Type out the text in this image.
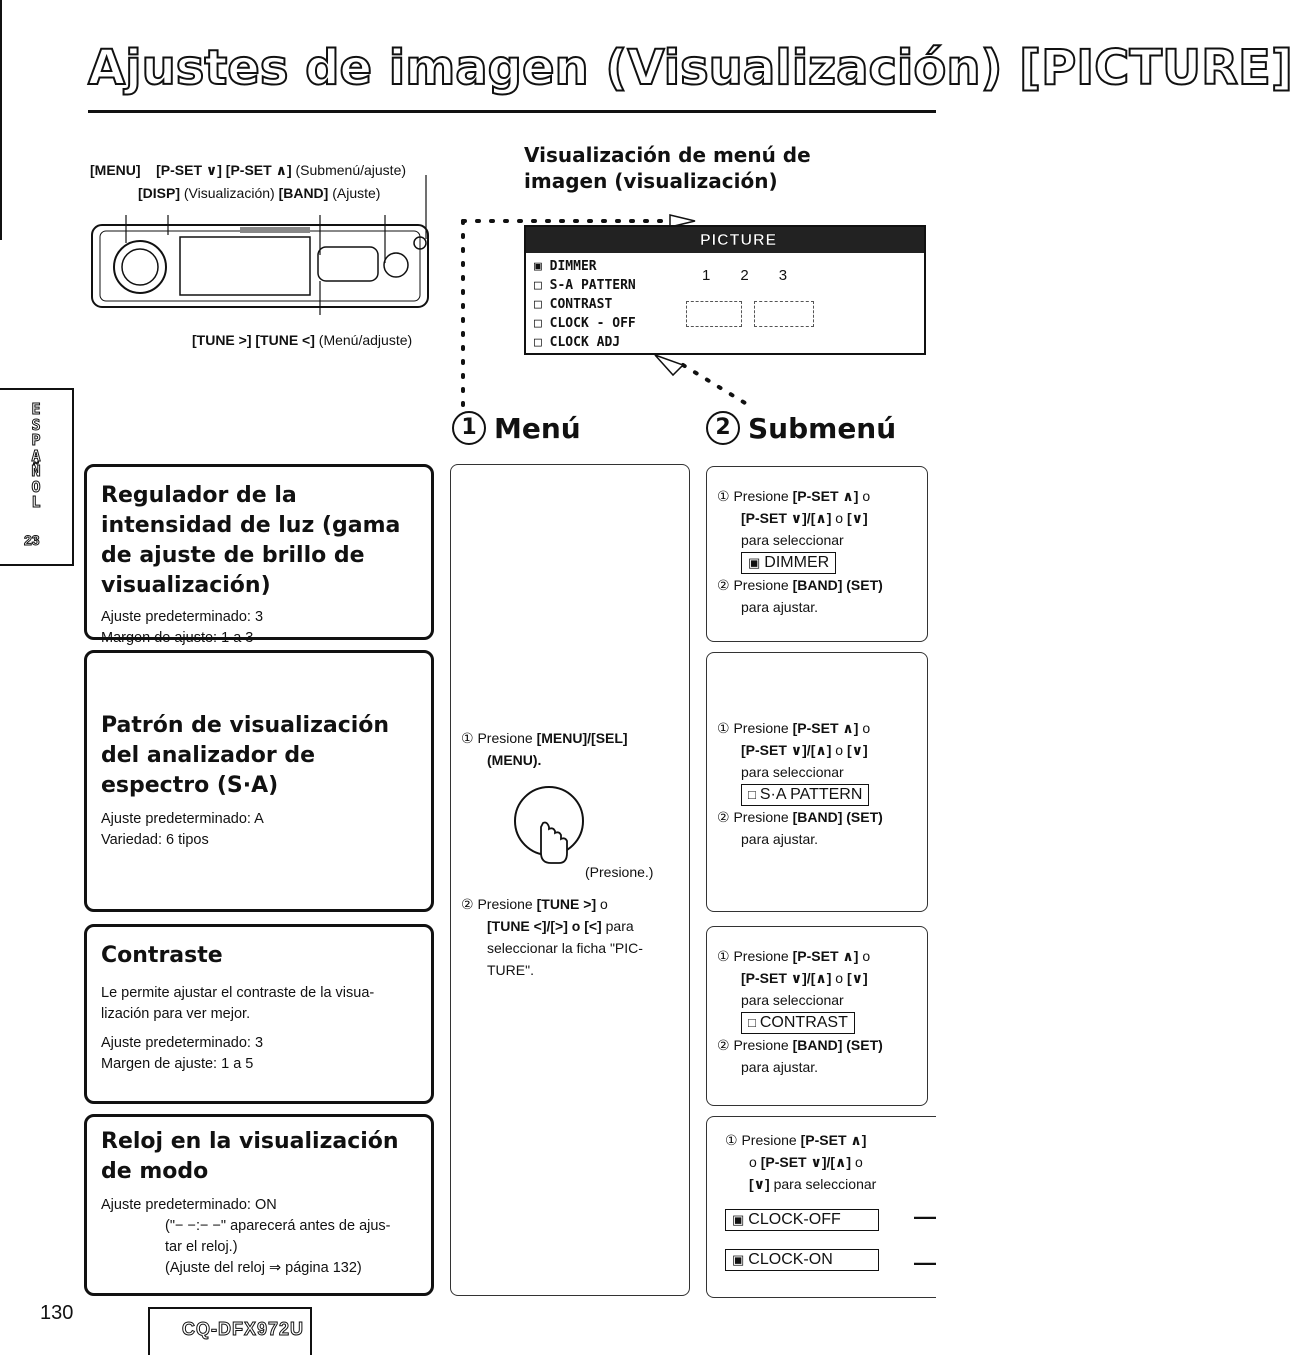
Ajustes de imagen (Visualización) [PICTURE]
ESPAÑOL
23
[MENU] [P-SET ∨] [P-SET ∧] (Submenú/ajuste)
[DISP] (Visualización) [BAND] (Ajuste)
[TUNE >] [TUNE <] (Menú/adjuste)
Visualización de menú de imagen (visualización)
PICTURE
▣ DIMMER
□ S-A PATTERN
□ CONTRAST
□ CLOCK - OFF
□ CLOCK ADJ
123
1 Menú	2 Submenú
Regulador de la intensidad de luz (gama de ajuste de brillo de visualización)

Ajuste predeterminado: 3

Margen de ajuste: 1 a 3

Patrón de visualización del analizador de espectro (S·A)

Ajuste predeterminado: A

Variedad: 6 tipos

Contraste

Le permite ajustar el contraste de la visua-

lización para ver mejor.

Ajuste predeterminado: 3

Margen de ajuste: 1 a 5

Reloj en la visualización de modo

Ajuste predeterminado: ON

("− −:− −" aparecerá antes de ajus-

tar el reloj.)

(Ajuste del reloj ⇒ página 132)

① Presione [MENU]/[SEL]
(MENU).
(Presione.)
② Presione [TUNE >] o

[TUNE <]/[>] o [<] para seleccionar la ficha "PIC-TURE".
① Presione [P-SET ∧] o
[P-SET ∨]/[∧] o [∨]
para seleccionar
▣ DIMMER
② Presione [BAND] (SET)
para ajustar.
① Presione [P-SET ∧] o
[P-SET ∨]/[∧] o [∨]
para seleccionar
□ S·A PATTERN
② Presione [BAND] (SET)
para ajustar.
① Presione [P-SET ∧] o
[P-SET ∨]/[∧] o [∨]
para seleccionar
□ CONTRAST
② Presione [BAND] (SET)
para ajustar.
① Presione [P-SET ∧]
o [P-SET ∨]/[∧] o
[∨] para seleccionar
▣ CLOCK-OFF ▣ CLOCK-ON
—
—
130
CQ-DFX972U
